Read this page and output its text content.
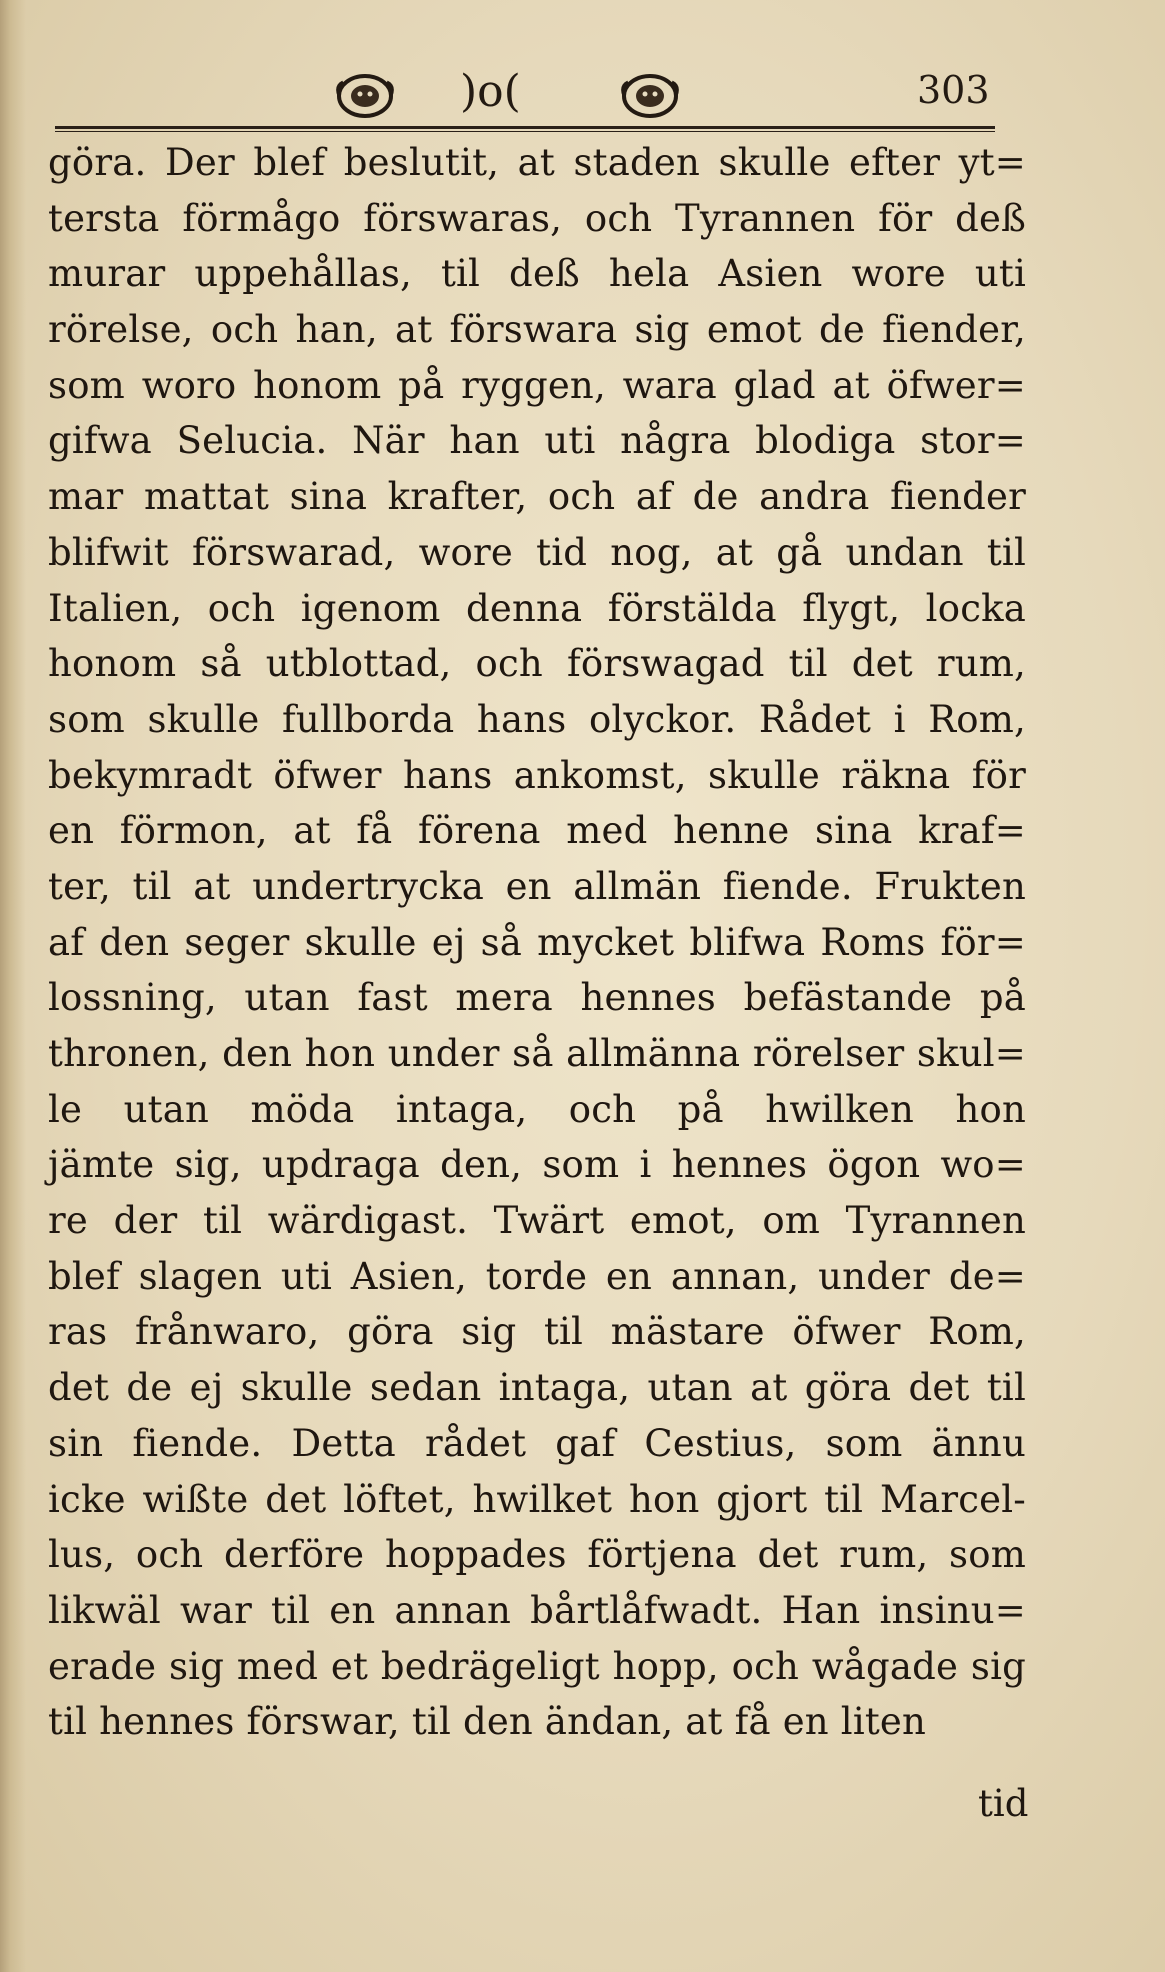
)o(	303
göra. Der blef beslutit, at staden skulle efter yt=
tersta förmågo förswaras, och Tyrannen för deß
murar uppehållas, til deß hela Asien wore uti
rörelse, och han, at förswara sig emot de fiender,
som woro honom på ryggen, wara glad at öfwer=
gifwa Selucia. När han uti några blodiga stor=
mar mattat sina krafter, och af de andra fiender
blifwit förswarad, wore tid nog, at gå undan til
Italien, och igenom denna förstälda flygt, locka
honom så utblottad, och förswagad til det rum,
som skulle fullborda hans olyckor. Rådet i Rom,
bekymradt öfwer hans ankomst, skulle räkna för
en förmon, at få förena med henne sina kraf=
ter, til at undertrycka en allmän fiende. Frukten
af den seger skulle ej så mycket blifwa Roms för=
lossning, utan fast mera hennes befästande på
thronen, den hon under så allmänna rörelser skul=
le utan möda intaga, och på hwilken hon
jämte sig, updraga den, som i hennes ögon wo=
re der til wärdigast. Twärt emot, om Tyrannen
blef slagen uti Asien, torde en annan, under de=
ras frånwaro, göra sig til mästare öfwer Rom,
det de ej skulle sedan intaga, utan at göra det til
sin fiende. Detta rådet gaf Cestius, som ännu
icke wißte det löftet, hwilket hon gjort til Marcel-
lus, och derföre hoppades förtjena det rum, som
likwäl war til en annan bårtlåfwadt. Han insinu=
erade sig med et bedrägeligt hopp, och wågade sig
til hennes förswar, til den ändan, at få en liten
tid
